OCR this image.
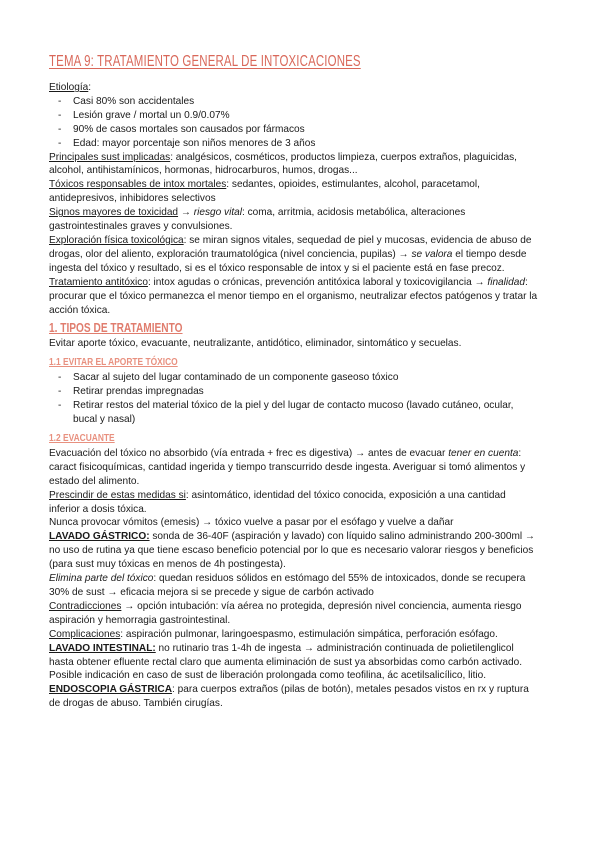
TEMA 9: TRATAMIENTO GENERAL DE INTOXICACIONES

Etiología:

- Casi 80% son accidentales
- Lesión grave / mortal un 0.9/0.07%
- 90% de casos mortales son causados por fármacos
- Edad: mayor porcentaje son niños menores de 3 años

Principales sust implicadas: analgésicos, cosméticos, productos limpieza, cuerpos extraños, plaguicidas, alcohol, antihistamínicos, hormonas, hidrocarburos, humos, drogas...

Tóxicos responsables de intox mortales: sedantes, opioides, estimulantes, alcohol, paracetamol, antidepresivos, inhibidores selectivos

Signos mayores de toxicidad → riesgo vital: coma, arritmia, acidosis metabólica, alteraciones gastrointestinales graves y convulsiones.

Exploración física toxicológica: se miran signos vitales, sequedad de piel y mucosas, evidencia de abuso de drogas, olor del aliento, exploración traumatológica (nivel conciencia, pupilas) → se valora el tiempo desde ingesta del tóxico y resultado, si es el tóxico responsable de intox y si el paciente está en fase precoz.

Tratamiento antitóxico: intox agudas o crónicas, prevención antitóxica laboral y toxicovigilancia → finalidad: procurar que el tóxico permanezca el menor tiempo en el organismo, neutralizar efectos patógenos y tratar la acción tóxica.

1. TIPOS DE TRATAMIENTO

Evitar aporte tóxico, evacuante, neutralizante, antidótico, eliminador, sintomático y secuelas.

1.1 EVITAR EL APORTE TÓXICO
- Sacar al sujeto del lugar contaminado de un componente gaseoso tóxico
- Retirar prendas impregnadas
- Retirar restos del material tóxico de la piel y del lugar de contacto mucoso (lavado cutáneo, ocular, bucal y nasal)
1.2 EVACUANTE

Evacuación del tóxico no absorbido (vía entrada + frec es digestiva) → antes de evacuar tener en cuenta: caract fisicoquímicas, cantidad ingerida y tiempo transcurrido desde ingesta. Averiguar si tomó alimentos y estado del alimento.

Prescindir de estas medidas si: asintomático, identidad del tóxico conocida, exposición a una cantidad inferior a dosis tóxica.

Nunca provocar vómitos (emesis) → tóxico vuelve a pasar por el esófago y vuelve a dañar

LAVADO GÁSTRICO: sonda de 36-40F (aspiración y lavado) con líquido salino administrando 200-300ml → no uso de rutina ya que tiene escaso beneficio potencial por lo que es necesario valorar riesgos y beneficios (para sust muy tóxicas en menos de 4h postingesta).

Elimina parte del tóxico: quedan residuos sólidos en estómago del 55% de intoxicados, donde se recupera 30% de sust → eficacia mejora si se precede y sigue de carbón activado

Contradicciones → opción intubación: vía aérea no protegida, depresión nivel conciencia, aumenta riesgo aspiración y hemorragia gastrointestinal.

Complicaciones: aspiración pulmonar, laringoespasmo, estimulación simpática, perforación esófago.

LAVADO INTESTINAL: no rutinario tras 1-4h de ingesta → administración continuada de polietilenglicol hasta obtener efluente rectal claro que aumenta eliminación de sust ya absorbidas como carbón activado.

Posible indicación en caso de sust de liberación prolongada como teofilina, ác acetilsalicílico, litio.

ENDOSCOPIA GÁSTRICA: para cuerpos extraños (pilas de botón), metales pesados vistos en rx y ruptura de drogas de abuso. También cirugías.
